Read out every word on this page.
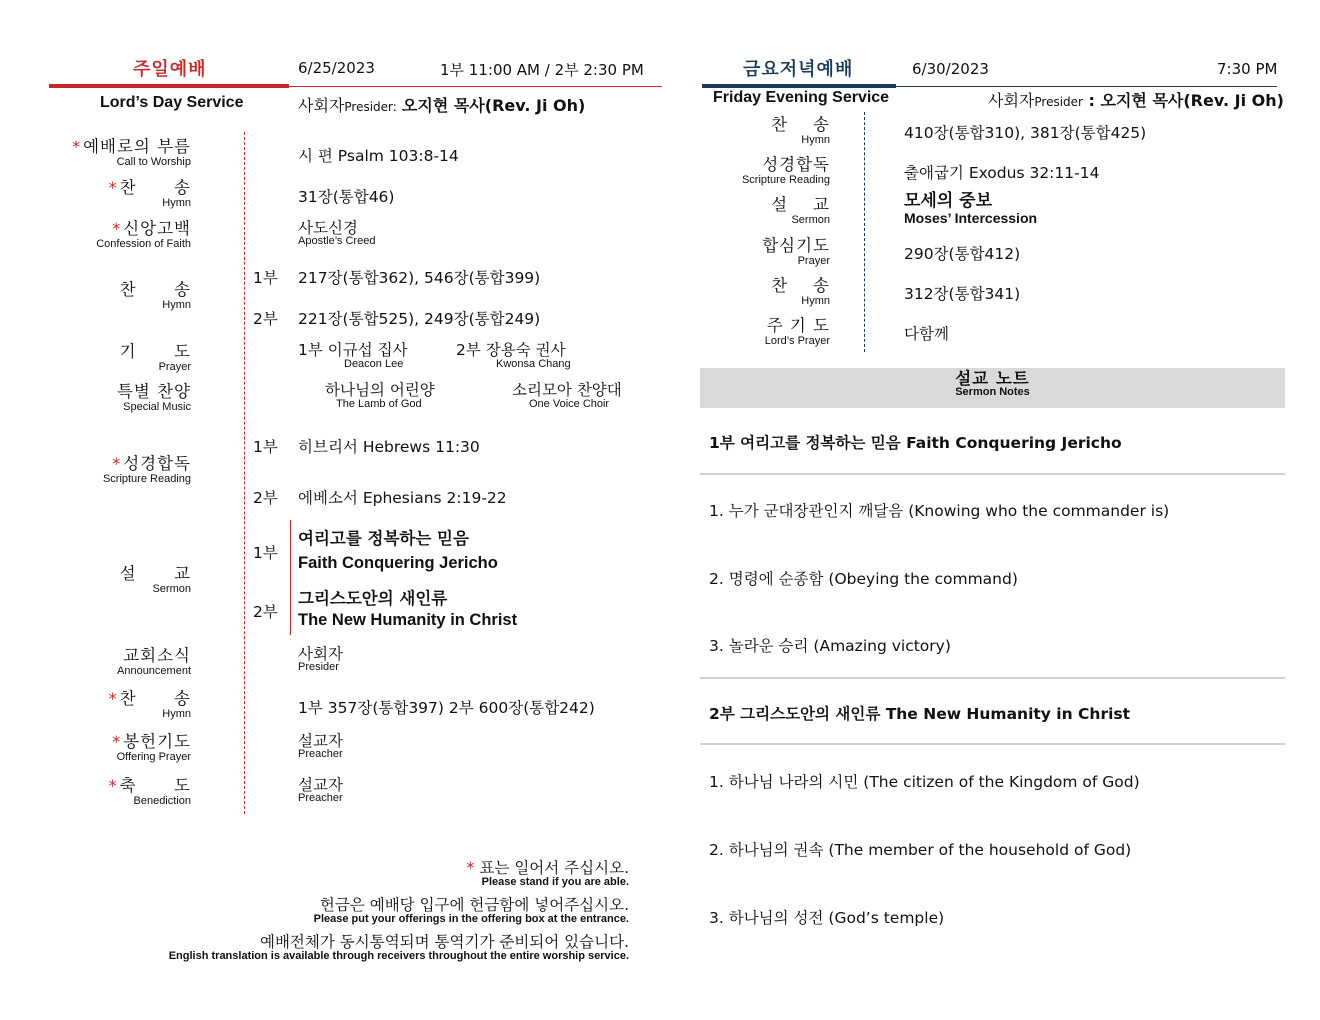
주일예배
Lord’s Day Service
6/25/2023	1부 11:00 AM / 2부 2:30 PM
사회자Presider: 오지현 목사(Rev. Ji Oh)
* 예배로의 부름
Call to Worship
* 찬      송
Hymn
* 신앙고백
Confession of Faith
찬      송
Hymn
기      도
Prayer
특별 찬양
Special Music
* 성경합독
Scripture Reading
설      교
Sermon
교회소식
Announcement
* 찬      송
Hymn
* 봉헌기도
Offering Prayer
* 축      도
Benediction
시 편 Psalm 103:8-14
31장(통합46)
사도신경
Apostle’s Creed
1부 217장(통합362), 546장(통합399)
2부 221장(통합525), 249장(통합249)
1부 이규섭 집사
Deacon Lee
2부 장용숙 권사
Kwonsa Chang
하나님의 어린양
The Lamb of God
소리모아 찬양대
One Voice Choir
1부 히브리서 Hebrews 11:30
2부 에베소서 Ephesians 2:19-22
1부
여리고를 정복하는 믿음
Faith Conquering Jericho
2부
그리스도안의 새인류
The New Humanity in Christ
사회자
Presider
1부 357장(통합397) 2부 600장(통합242)
설교자
Preacher
설교자
Preacher
* 표는 일어서 주십시오.
Please stand if you are able.
헌금은 예배당 입구에 헌금함에 넣어주십시오.
Please put your offerings in the offering box at the entrance.
예배전체가 동시통역되며 통역기가 준비되어 있습니다.
English translation is available through receivers throughout the entire worship service.
금요저녁예배
Friday Evening Service
6/30/2023	7:30 PM
사회자Presider : 오지현 목사(Rev. Ji Oh)
찬    송
Hymn
성경합독
Scripture Reading
설    교
Sermon
합심기도
Prayer
찬    송
Hymn
주 기 도
Lord’s Prayer
410장(통합310), 381장(통합425)
출애굽기 Exodus 32:11-14
모세의 중보
Moses’ Intercession
290장(통합412)
312장(통합341)
다함께
설교 노트
Sermon Notes
1부 여리고를 정복하는 믿음 Faith Conquering Jericho
1. 누가 군대장관인지 깨달음 (Knowing who the commander is)
2. 명령에 순종함 (Obeying the command)
3. 놀라운 승리 (Amazing victory)
2부 그리스도안의 새인류 The New Humanity in Christ
1. 하나님 나라의 시민 (The citizen of the Kingdom of God)
2. 하나님의 권속 (The member of the household of God)
3. 하나님의 성전 (God’s temple)
